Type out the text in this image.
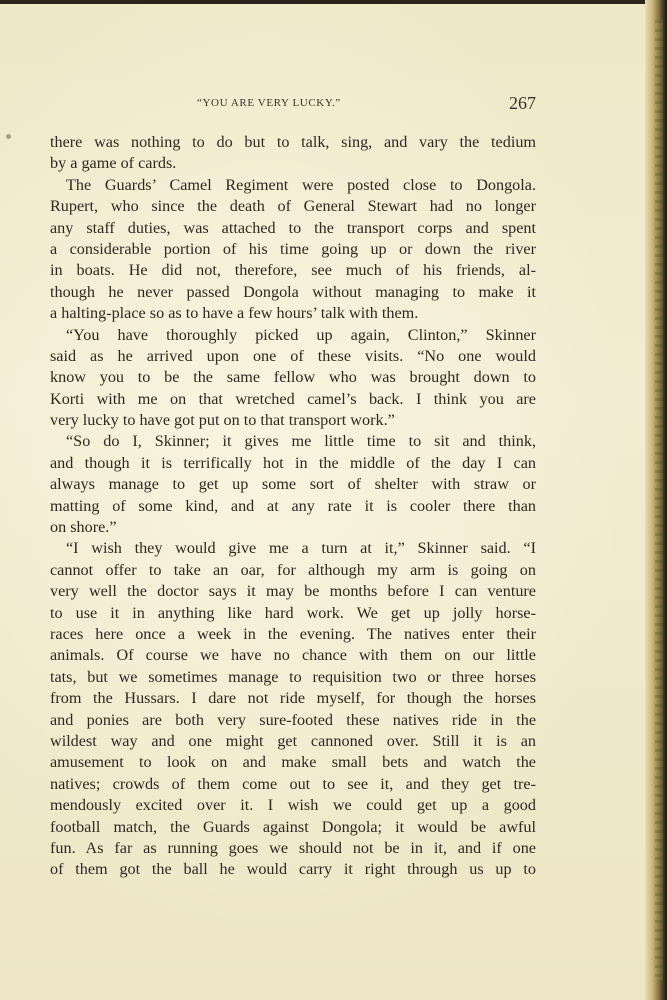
“YOU ARE VERY LUCKY.”	267
there was nothing to do but to talk, sing, and vary the tedium
by a game of cards.
The Guards’ Camel Regiment were posted close to Dongola.
Rupert, who since the death of General Stewart had no longer
any staff duties, was attached to the transport corps and spent
a considerable portion of his time going up or down the river
in boats. He did not, therefore, see much of his friends, al-
though he never passed Dongola without managing to make it
a halting-place so as to have a few hours’ talk with them.
“You have thoroughly picked up again, Clinton,” Skinner
said as he arrived upon one of these visits. “No one would
know you to be the same fellow who was brought down to
Korti with me on that wretched camel’s back. I think you are
very lucky to have got put on to that transport work.”
“So do I, Skinner; it gives me little time to sit and think,
and though it is terrifically hot in the middle of the day I can
always manage to get up some sort of shelter with straw or
matting of some kind, and at any rate it is cooler there than
on shore.”
“I wish they would give me a turn at it,” Skinner said. “I
cannot offer to take an oar, for although my arm is going on
very well the doctor says it may be months before I can venture
to use it in anything like hard work. We get up jolly horse-
races here once a week in the evening. The natives enter their
animals. Of course we have no chance with them on our little
tats, but we sometimes manage to requisition two or three horses
from the Hussars. I dare not ride myself, for though the horses
and ponies are both very sure-footed these natives ride in the
wildest way and one might get cannoned over. Still it is an
amusement to look on and make small bets and watch the
natives; crowds of them come out to see it, and they get tre-
mendously excited over it. I wish we could get up a good
football match, the Guards against Dongola; it would be awful
fun. As far as running goes we should not be in it, and if one
of them got the ball he would carry it right through us up to
